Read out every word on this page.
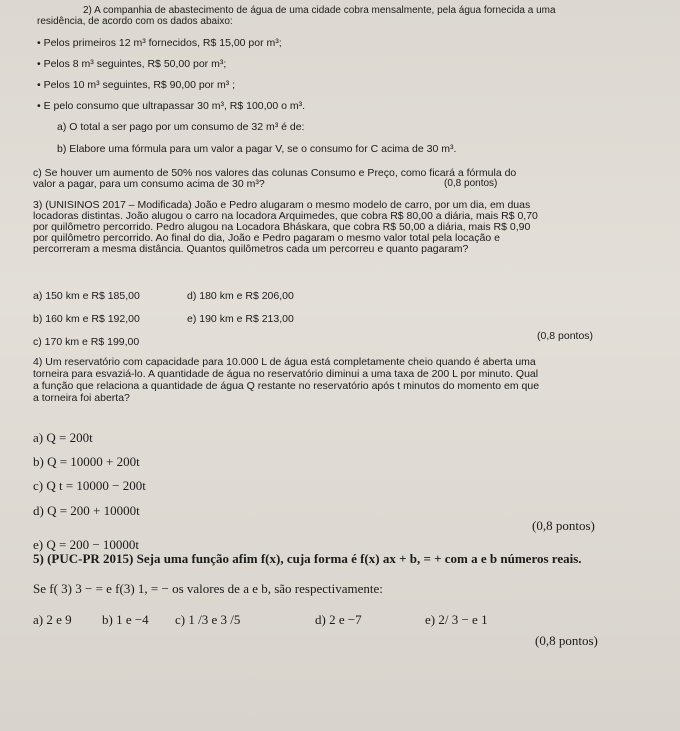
2) A companhia de abastecimento de água de uma cidade cobra mensalmente, pela água fornecida a uma
residência, de acordo com os dados abaixo:
• Pelos primeiros 12 m³ fornecidos, R$ 15,00 por m³;
• Pelos 8 m³ seguintes, R$ 50,00 por m³;
• Pelos 10 m³ seguintes, R$ 90,00 por m³ ;
• E pelo consumo que ultrapassar 30 m³, R$ 100,00 o m³.
a) O total a ser pago por um consumo de 32 m³ é de:
b) Elabore uma fórmula para um valor a pagar V, se o consumo for C acima de 30 m³.
c) Se houver um aumento de 50% nos valores das colunas Consumo e Preço, como ficará a fórmula do
valor a pagar, para um consumo acima de 30 m³?	(0,8 pontos)
3) (UNISINOS 2017 – Modificada) João e Pedro alugaram o mesmo modelo de carro, por um dia, em duas
locadoras distintas. João alugou o carro na locadora Arquimedes, que cobra R$ 80,00 a diária, mais R$ 0,70
por quilômetro percorrido. Pedro alugou na Locadora Bháskara, que cobra R$ 50,00 a diária, mais R$ 0,90
por quilômetro percorrido. Ao final do dia, João e Pedro pagaram o mesmo valor total pela locação e
percorreram a mesma distância. Quantos quilômetros cada um percorreu e quanto pagaram?
a) 150 km e R$ 185,00	d) 180 km e R$ 206,00
b) 160 km e R$ 192,00	e) 190 km e R$ 213,00
c) 170 km e R$ 199,00	(0,8 pontos)
4) Um reservatório com capacidade para 10.000 L de água está completamente cheio quando é aberta uma
torneira para esvaziá-lo. A quantidade de água no reservatório diminui a uma taxa de 200 L por minuto. Qual
a função que relaciona a quantidade de água Q restante no reservatório após t minutos do momento em que
a torneira foi aberta?
a) Q = 200t
b) Q = 10000 + 200t
c) Q t = 10000 − 200t
d) Q = 200 + 10000t
e) Q = 200 − 10000t
(0,8 pontos)
5) (PUC-PR 2015) Seja uma função afim f(x), cuja forma é f(x) ax + b, = + com a e b números reais.
Se f( 3) 3 − = e f(3) 1, = − os valores de a e b, são respectivamente:
a) 2 e 9 b) 1 e −4 c) 1 /3 e 3 /5	d) 2 e −7	e) 2/ 3 − e 1
(0,8 pontos)
